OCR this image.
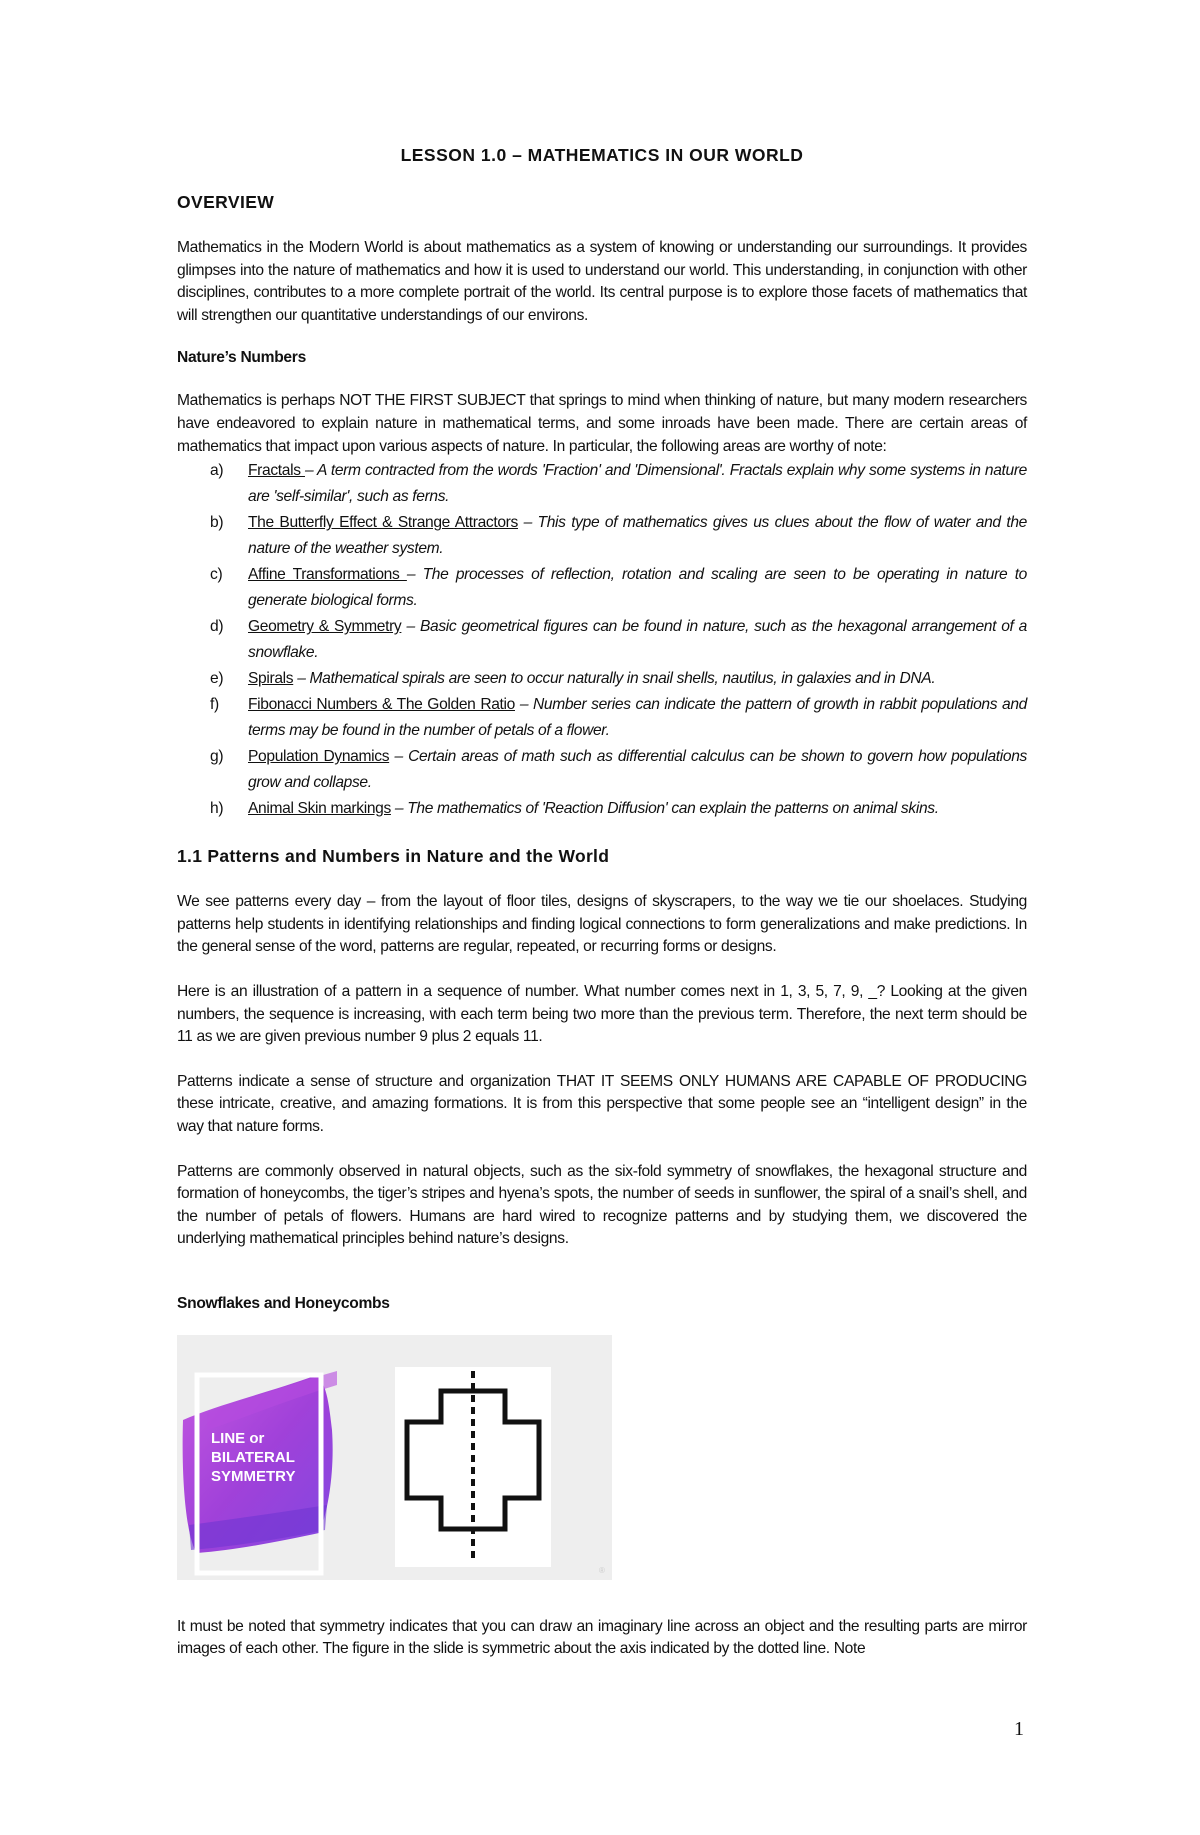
LESSON 1.0 – MATHEMATICS IN OUR WORLD
OVERVIEW

Mathematics in the Modern World is about mathematics as a system of knowing or understanding our surroundings. It provides glimpses into the nature of mathematics and how it is used to understand our world. This understanding, in conjunction with other disciplines, contributes to a more complete portrait of the world. Its central purpose is to explore those facets of mathematics that will strengthen our quantitative understandings of our environs.

Nature’s Numbers

Mathematics is perhaps NOT THE FIRST SUBJECT that springs to mind when thinking of nature, but many modern researchers have endeavored to explain nature in mathematical terms, and some inroads have been made. There are certain areas of mathematics that impact upon various aspects of nature. In particular, the following areas are worthy of note:

a) Fractals – A term contracted from the words 'Fraction' and 'Dimensional'. Fractals explain why some systems in nature are 'self-similar', such as ferns.
b) The Butterfly Effect & Strange Attractors – This type of mathematics gives us clues about the flow of water and the nature of the weather system.
c) Affine Transformations – The processes of reflection, rotation and scaling are seen to be operating in nature to generate biological forms.
d) Geometry & Symmetry – Basic geometrical figures can be found in nature, such as the hexagonal arrangement of a snowflake.
e) Spirals – Mathematical spirals are seen to occur naturally in snail shells, nautilus, in galaxies and in DNA.
f) Fibonacci Numbers & The Golden Ratio – Number series can indicate the pattern of growth in rabbit populations and terms may be found in the number of petals of a flower.
g) Population Dynamics – Certain areas of math such as differential calculus can be shown to govern how populations grow and collapse.
h) Animal Skin markings – The mathematics of 'Reaction Diffusion' can explain the patterns on animal skins.
1.1 Patterns and Numbers in Nature and the World

We see patterns every day – from the layout of floor tiles, designs of skyscrapers, to the way we tie our shoelaces. Studying patterns help students in identifying relationships and finding logical connections to form generalizations and make predictions. In the general sense of the word, patterns are regular, repeated, or recurring forms or designs.

Here is an illustration of a pattern in a sequence of number. What number comes next in 1, 3, 5, 7, 9, _? Looking at the given numbers, the sequence is increasing, with each term being two more than the previous term. Therefore, the next term should be 11 as we are given previous number 9 plus 2 equals 11.

Patterns indicate a sense of structure and organization THAT IT SEEMS ONLY HUMANS ARE CAPABLE OF PRODUCING these intricate, creative, and amazing formations. It is from this perspective that some people see an “intelligent design” in the way that nature forms.

Patterns are commonly observed in natural objects, such as the six-fold symmetry of snowflakes, the hexagonal structure and formation of honeycombs, the tiger’s stripes and hyena’s spots, the number of seeds in sunflower, the spiral of a snail’s shell, and the number of petals of flowers. Humans are hard wired to recognize patterns and by studying them, we discovered the underlying mathematical principles behind nature’s designs.

Snowflakes and Honeycombs
LINE or
BILATERAL
SYMMETRY
®

It must be noted that symmetry indicates that you can draw an imaginary line across an object and the resulting parts are mirror images of each other. The figure in the slide is symmetric about the axis indicated by the dotted line. Note

1
